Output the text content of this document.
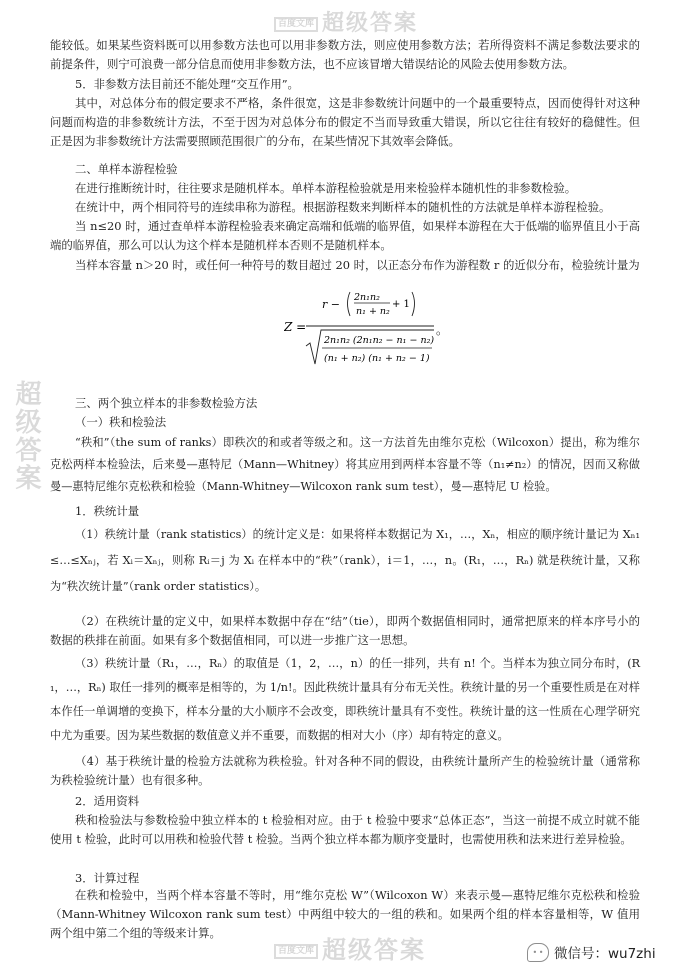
百度文库 超级答案
超级答案
百度文库 超级答案

能较低。如果某些资料既可以用参数方法也可以用非参数方法，则应使用参数方法；若所得资料不满足参数法要求的前提条件，则宁可浪费一部分信息而使用非参数方法，也不应该冒增大错误结论的风险去使用参数方法。

5．非参数方法目前还不能处理“交互作用”。

其中，对总体分布的假定要求不严格，条件很宽，这是非参数统计问题中的一个最重要特点，因而使得针对这种问题而构造的非参数统计方法，不至于因为对总体分布的假定不当而导致重大错误，所以它往往有较好的稳健性。但正是因为非参数统计方法需要照顾范围很广的分布，在某些情况下其效率会降低。

二、单样本游程检验

在进行推断统计时，往往要求是随机样本。单样本游程检验就是用来检验样本随机性的非参数检验。

在统计中，两个相同符号的连续串称为游程。根据游程数来判断样本的随机性的方法就是单样本游程检验。

当 n≤20 时，通过查单样本游程检验表来确定高端和低端的临界值，如果样本游程在大于低端的临界值且小于高端的临界值，那么可以认为这个样本是随机样本否则不是随机样本。

当样本容量 n＞20 时，或任何一种符号的数目超过 20 时，以正态分布作为游程数 r 的近似分布，检验统计量为

Z =
r −
2n₁n₂
n₁ + n₂
+ 1
2n₁n₂ (2n₁n₂ − n₁ − n₂)
(n₁ + n₂) (n₁ + n₂ − 1)
。
三、两个独立样本的非参数检验方法
（一）秩和检验法

“秩和”（the sum of ranks）即秩次的和或者等级之和。这一方法首先由维尔克松（Wilcoxon）提出，称为维尔克松两样本检验法，后来曼—惠特尼（Mann—Whitney）将其应用到两样本容量不等（n₁≠n₂）的情况，因而又称做曼—惠特尼维尔克松秩和检验（Mann-Whitney—Wilcoxon rank sum test），曼—惠特尼 U 检验。

1．秩统计量

（1）秩统计量（rank statistics）的统计定义是：如果将样本数据记为 X₁，…，Xₙ，相应的顺序统计量记为 Xₙ₁≤…≤Xₙⱼ，若 Xᵢ＝Xₙⱼ，则称 Rᵢ＝j 为 Xᵢ 在样本中的“秩”（rank），i＝1，…，n。(R₁，…，Rₙ) 就是秩统计量，又称为“秩次统计量”（rank order statistics）。

（2）在秩统计量的定义中，如果样本数据中存在“结”（tie），即两个数据值相同时，通常把原来的样本序号小的数据的秩排在前面。如果有多个数据值相同，可以进一步推广这一思想。

（3）秩统计量（R₁，…，Rₙ）的取值是（1，2，…，n）的任一排列，共有 n! 个。当样本为独立同分布时，(R₁，…，Rₙ) 取任一排列的概率是相等的，为 1/n!。因此秩统计量具有分布无关性。秩统计量的另一个重要性质是在对样本作任一单调增的变换下，样本分量的大小顺序不会改变，即秩统计量具有不变性。秩统计量的这一性质在心理学研究中尤为重要。因为某些数据的数值意义并不重要，而数据的相对大小（序）却有特定的意义。

（4）基于秩统计量的检验方法就称为秩检验。针对各种不同的假设，由秩统计量所产生的检验统计量（通常称为秩检验统计量）也有很多种。

2．适用资料

秩和检验法与参数检验中独立样本的 t 检验相对应。由于 t 检验中要求“总体正态”，当这一前提不成立时就不能使用 t 检验，此时可以用秩和检验代替 t 检验。当两个独立样本都为顺序变量时，也需使用秩和法来进行差异检验。

3．计算过程

在秩和检验中，当两个样本容量不等时，用“维尔克松 W”（Wilcoxon W）来表示曼—惠特尼维尔克松秩和检验（Mann-Whitney Wilcoxon rank sum test）中两组中较大的一组的秩和。如果两个组的样本容量相等，W 值用两个组中第二个组的等级来计算。

• • 微信号：wu7zhi
